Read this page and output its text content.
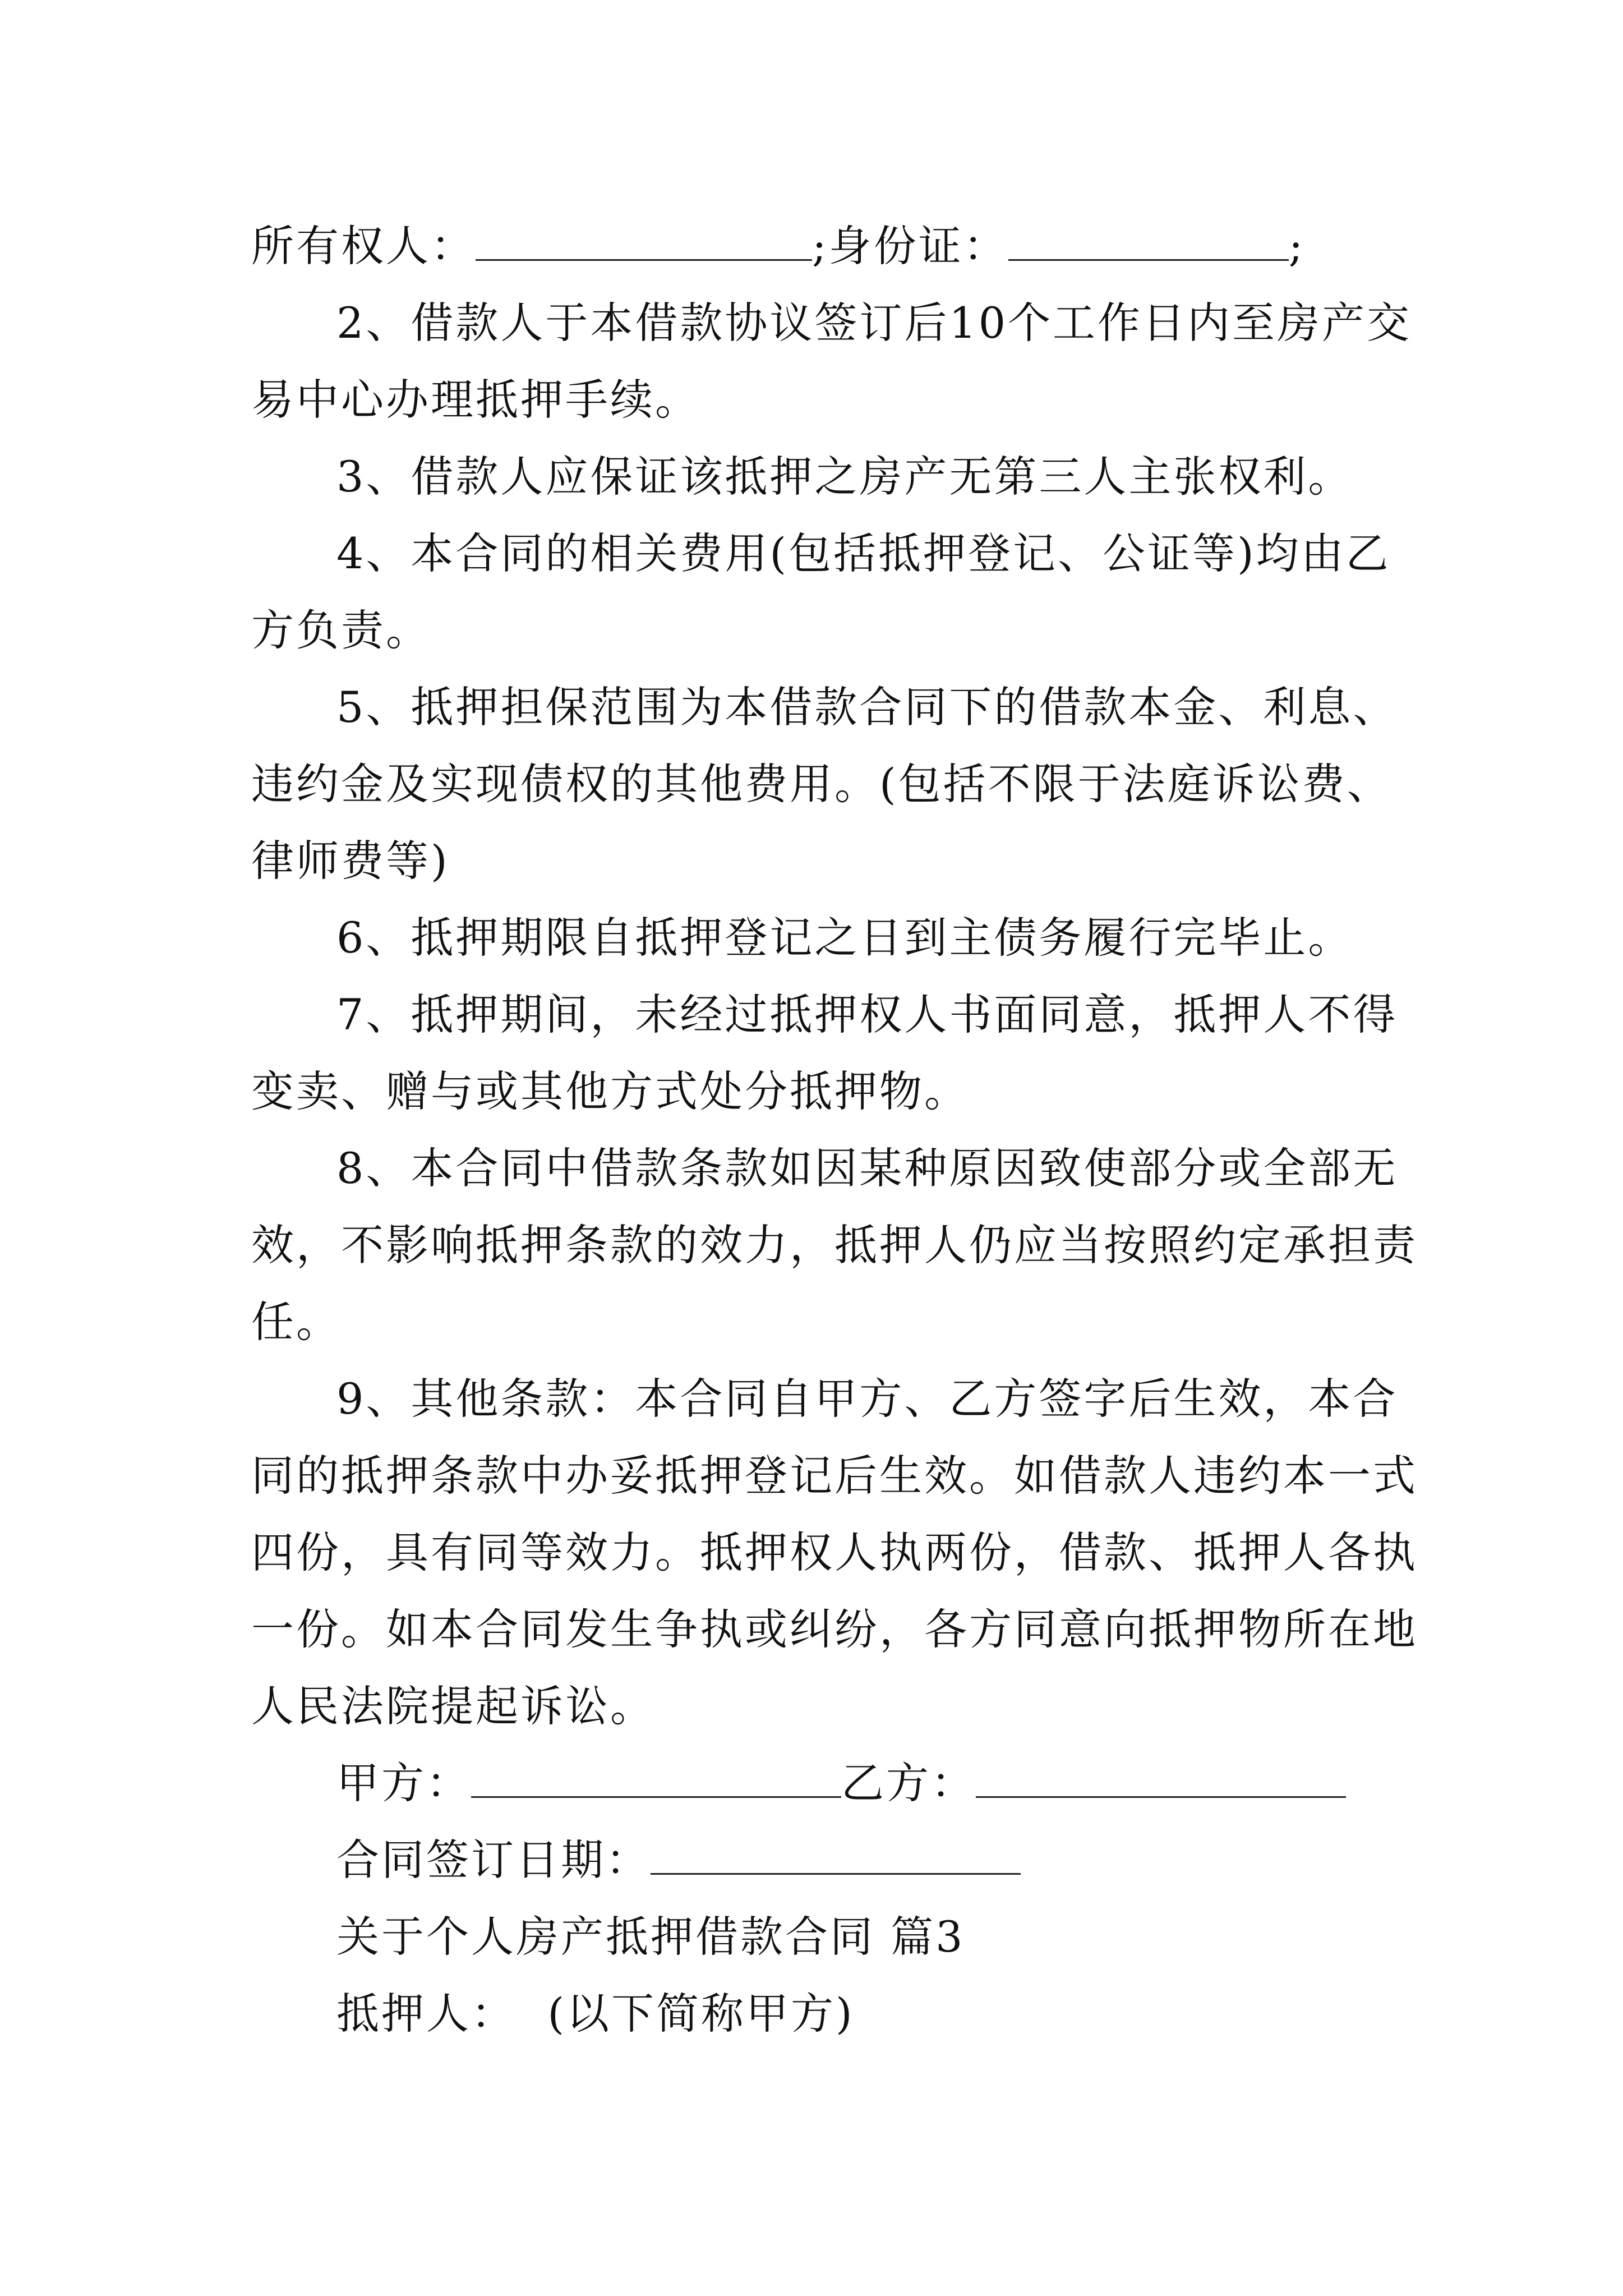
所有权人：	;身份证：	;
2、借款人于本借款协议签订后10个工作日内至房产交
易中心办理抵押手续。
3、借款人应保证该抵押之房产无第三人主张权利。
4、本合同的相关费用(包括抵押登记、公证等)均由乙
方负责。
5、抵押担保范围为本借款合同下的借款本金、利息、
违约金及实现债权的其他费用。(包括不限于法庭诉讼费、
律师费等)
6、抵押期限自抵押登记之日到主债务履行完毕止。
7、抵押期间，未经过抵押权人书面同意，抵押人不得
变卖、赠与或其他方式处分抵押物。
8、本合同中借款条款如因某种原因致使部分或全部无
效，不影响抵押条款的效力，抵押人仍应当按照约定承担责
任。
9、其他条款：本合同自甲方、乙方签字后生效，本合
同的抵押条款中办妥抵押登记后生效。如借款人违约本一式
四份，具有同等效力。抵押权人执两份，借款、抵押人各执
一份。如本合同发生争执或纠纷，各方同意向抵押物所在地
人民法院提起诉讼。
甲方：	乙方：
合同签订日期：
关于个人房产抵押借款合同 篇3
抵押人：  (以下简称甲方)
